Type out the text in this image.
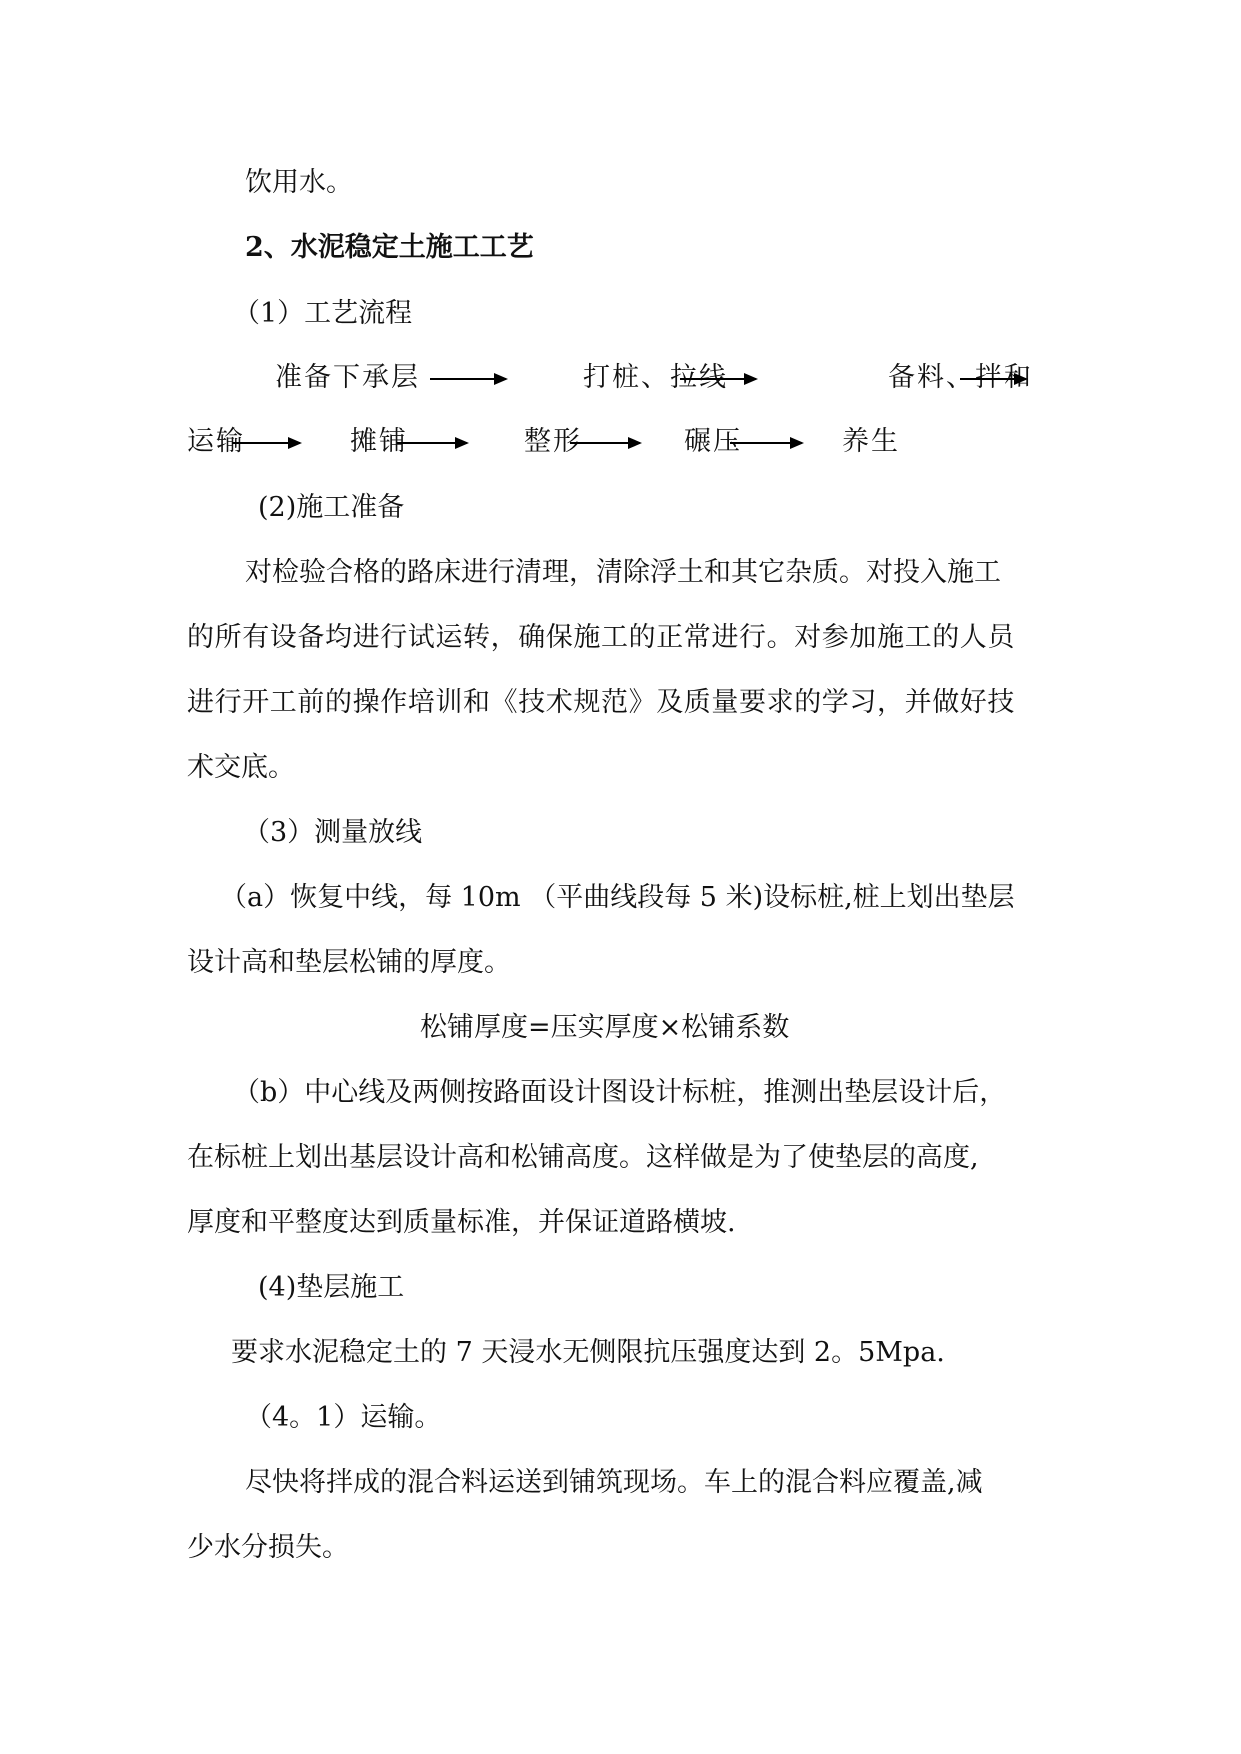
饮用水。
2、水泥稳定土施工工艺
（1）工艺流程
准备下承层	打桩、拉线	备料、拌和
运输	摊铺	整形	碾压	养生
(2)施工准备
对检验合格的路床进行清理，清除浮土和其它杂质。对投入施工
的所有设备均进行试运转，确保施工的正常进行。对参加施工的人员
进行开工前的操作培训和《技术规范》及质量要求的学习，并做好技
术交底。
（3）测量放线
（a）恢复中线，每 10m （平曲线段每 5 米)设标桩,桩上划出垫层
设计高和垫层松铺的厚度。
松铺厚度=压实厚度×松铺系数
（b）中心线及两侧按路面设计图设计标桩，推测出垫层设计后，
在标桩上划出基层设计高和松铺高度。这样做是为了使垫层的高度,
厚度和平整度达到质量标准，并保证道路横坡.
(4)垫层施工
要求水泥稳定土的 7 天浸水无侧限抗压强度达到 2。5Mpa.
（4。1）运输。
尽快将拌成的混合料运送到铺筑现场。车上的混合料应覆盖,减
少水分损失。
